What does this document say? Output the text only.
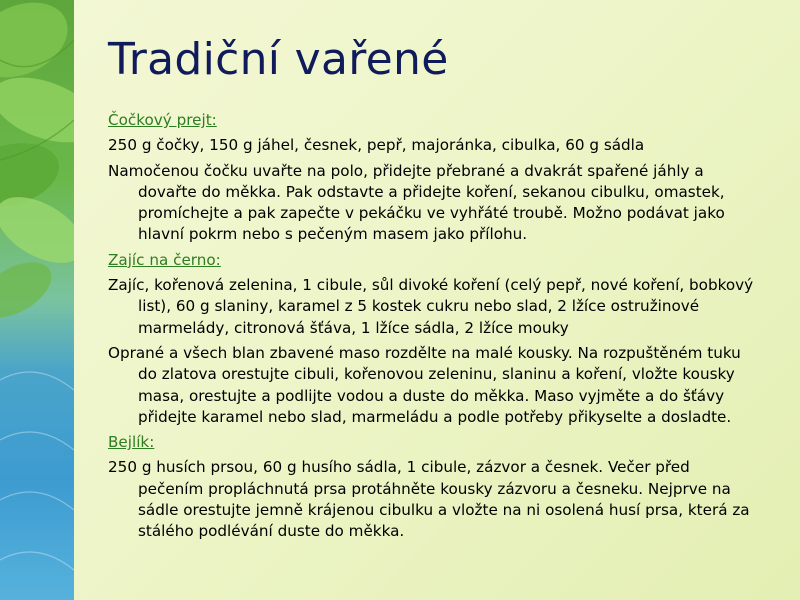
Tradiční vařené

Čočkový prejt:

250 g čočky, 150 g jáhel, česnek, pepř, majoránka, cibulka, 60 g sádla

Namočenou čočku uvařte na polo, přidejte přebrané a dvakrát spařené jáhly a dovařte do měkka. Pak odstavte a přidejte koření, sekanou cibulku, omastek, promíchejte a pak zapečte v pekáčku ve vyhřáté troubě. Možno podávat jako hlavní pokrm nebo s pečeným masem jako přílohu.

Zajíc na černo:

Zajíc, kořenová zelenina, 1 cibule, sůl divoké koření (celý pepř, nové koření, bobkový list), 60 g slaniny, karamel z 5 kostek cukru nebo slad, 2 lžíce ostružinové marmelády, citronová šťáva, 1 lžíce sádla, 2 lžíce mouky

Oprané a všech blan zbavené maso rozdělte na malé kousky. Na rozpuštěném tuku do zlatova orestujte cibuli, kořenovou zeleninu, slaninu a koření, vložte kousky masa, orestujte a podlijte vodou a duste do měkka. Maso vyjměte a do šťávy přidejte karamel nebo slad, marmeládu a podle potřeby přikyselte a dosladte.

Bejlík:

250 g husích prsou, 60 g husího sádla, 1 cibule, zázvor a česnek. Večer před pečením propláchnutá prsa protáhněte kousky zázvoru a česneku. Nejprve na sádle orestujte jemně krájenou cibulku a vložte na ni osolená husí prsa, která za stálého podlévání duste do měkka.
